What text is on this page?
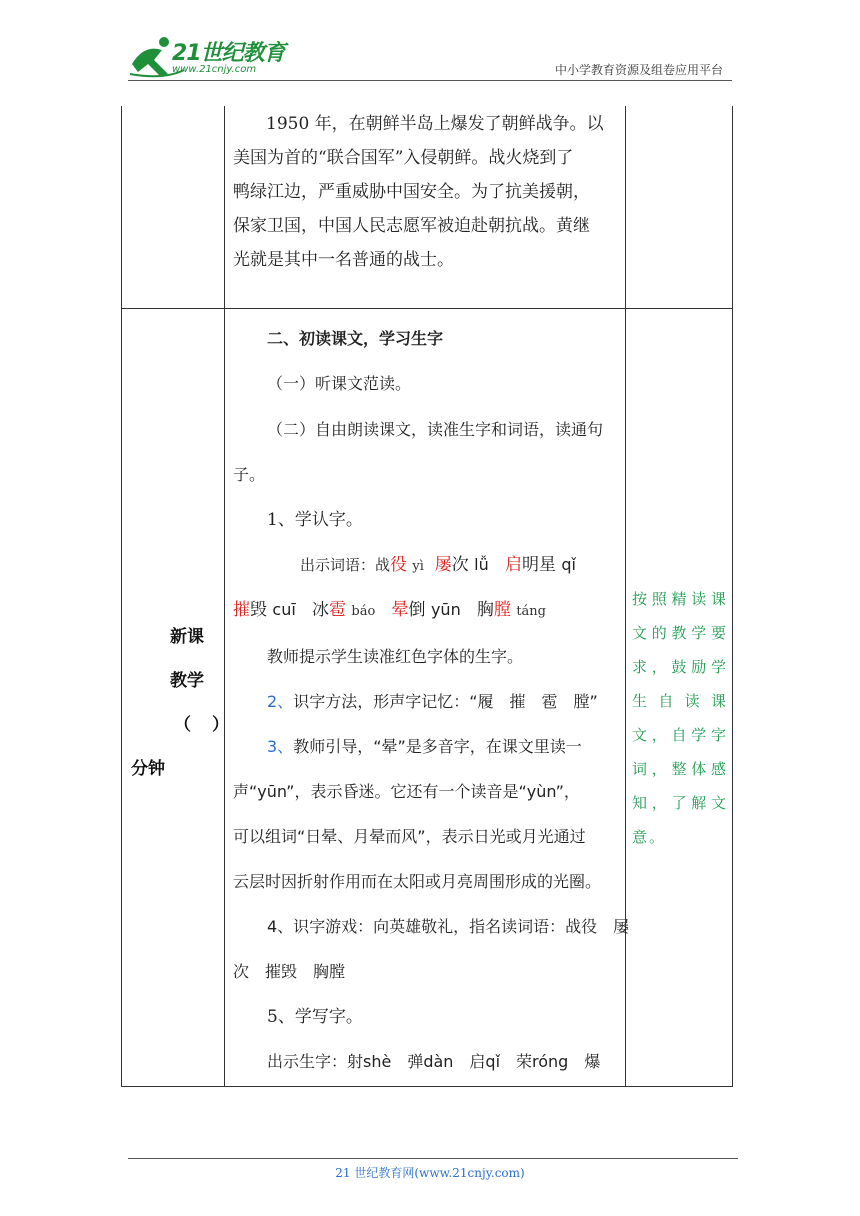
21世纪教育
www.21cnjy.com	中小学教育资源及组卷应用平台
1950 年，在朝鲜半岛上爆发了朝鲜战争。以
美国为首的“联合国军”入侵朝鲜。战火烧到了
鸭绿江边，严重威胁中国安全。为了抗美援朝，
保家卫国，中国人民志愿军被迫赴朝抗战。黄继
光就是其中一名普通的战士。
新课
教学
（ ）
分钟
二、初读课文，学习生字
（一）听课文范读。
（二）自由朗读课文，读准生字和词语，读通句
子。
1、学认字。
出示词语：战役 yì 屡次 lǚ 启明星 qǐ
摧毁 cuī 冰雹 báo 晕倒 yūn 胸膛 táng
教师提示学生读准红色字体的生字。
2、识字方法，形声字记忆：“履　摧　雹　膛”
3、教师引导，“晕”是多音字，在课文里读一
声“yūn”，表示昏迷。它还有一个读音是“yùn”，
可以组词“日晕、月晕而风”，表示日光或月光通过
云层时因折射作用而在太阳或月亮周围形成的光圈。
4、识字游戏：向英雄敬礼，指名读词语：战役　屡
次　摧毁　胸膛
5、学写字。
出示生字：射shè　弹dàn　启qǐ　荣róng　爆
按照精读课文的教学要求，鼓励学生自读课文，自学字词，整体感知，了解文意。
21 世纪教育网(www.21cnjy.com)
